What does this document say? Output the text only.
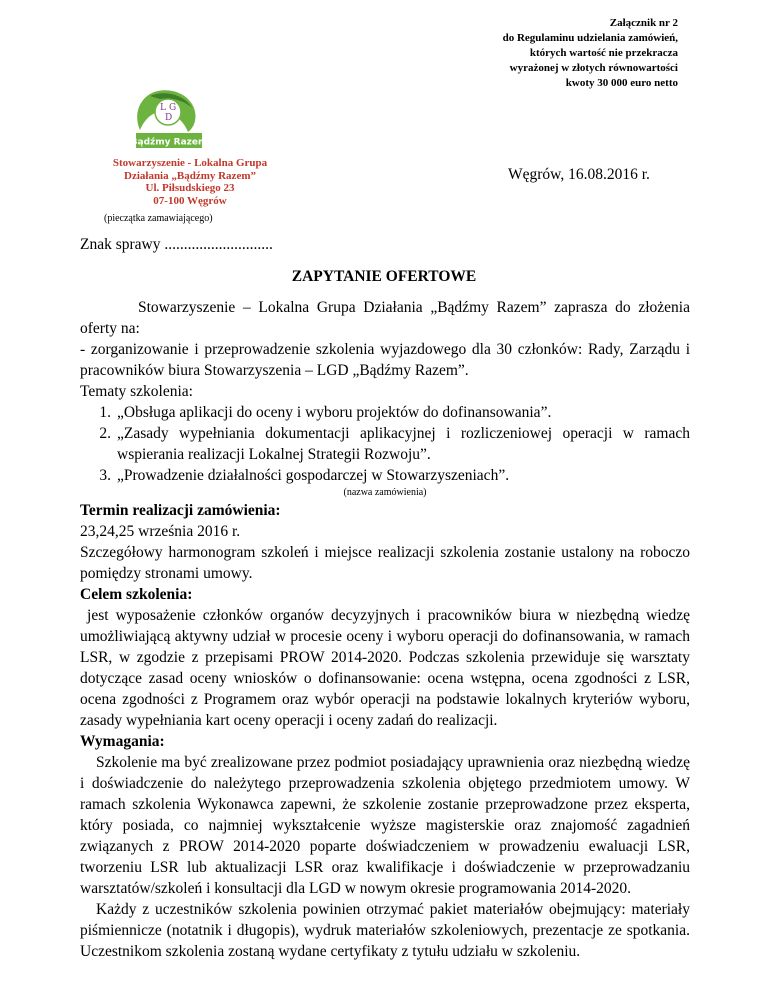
Załącznik nr 2
do Regulaminu udzielania zamówień,
których wartość nie przekracza
wyrażonej w złotych równowartości
kwoty 30 000 euro netto
L G
D
Bądźmy Razem
Stowarzyszenie - Lokalna Grupa
Działania „Bądźmy Razem”
Ul. Piłsudskiego 23
07-100 Węgrów
Węgrów, 16.08.2016 r.
(pieczątka zamawiającego)
Znak sprawy ............................
ZAPYTANIE OFERTOWE

Stowarzyszenie – Lokalna Grupa Działania „Bądźmy Razem” zaprasza do złożenia

oferty na:

- zorganizowanie i przeprowadzenie szkolenia wyjazdowego dla 30 członków: Rady, Zarządu i pracowników biura Stowarzyszenia – LGD „Bądźmy Razem”.

Tematy szkolenia:

1. „Obsługa aplikacji do oceny i wyboru projektów do dofinansowania”.
2. „Zasady wypełniania dokumentacji aplikacyjnej i rozliczeniowej operacji w ramach wspierania realizacji Lokalnej Strategii Rozwoju”.
3. „Prowadzenie działalności gospodarczej w Stowarzyszeniach”.

(nazwa zamówienia)

Termin realizacji zamówienia:

23,24,25 września 2016 r.

Szczegółowy harmonogram szkoleń i miejsce realizacji szkolenia zostanie ustalony na roboczo pomiędzy stronami umowy.

Celem szkolenia:

jest wyposażenie członków organów decyzyjnych i pracowników biura w niezbędną wiedzę umożliwiającą aktywny udział w procesie oceny i wyboru operacji do dofinansowania, w ramach LSR, w zgodzie z przepisami PROW 2014-2020. Podczas szkolenia przewiduje się warsztaty dotyczące zasad oceny wniosków o dofinansowanie: ocena wstępna, ocena zgodności z LSR, ocena zgodności z Programem oraz wybór operacji na podstawie lokalnych kryteriów wyboru, zasady wypełniania kart oceny operacji i oceny zadań do realizacji.

Wymagania:

Szkolenie ma być zrealizowane przez podmiot posiadający uprawnienia oraz niezbędną wiedzę i doświadczenie do należytego przeprowadzenia szkolenia objętego przedmiotem umowy. W ramach szkolenia Wykonawca zapewni, że szkolenie zostanie przeprowadzone przez eksperta, który posiada, co najmniej wykształcenie wyższe magisterskie oraz znajomość zagadnień związanych z PROW 2014-2020 poparte doświadczeniem w prowadzeniu ewaluacji LSR, tworzeniu LSR lub aktualizacji LSR oraz kwalifikacje i doświadczenie w przeprowadzaniu warsztatów/szkoleń i konsultacji dla LGD w nowym okresie programowania 2014-2020.

Każdy z uczestników szkolenia powinien otrzymać pakiet materiałów obejmujący: materiały piśmiennicze (notatnik i długopis), wydruk materiałów szkoleniowych, prezentacje ze spotkania. Uczestnikom szkolenia zostaną wydane certyfikaty z tytułu udziału w szkoleniu.
